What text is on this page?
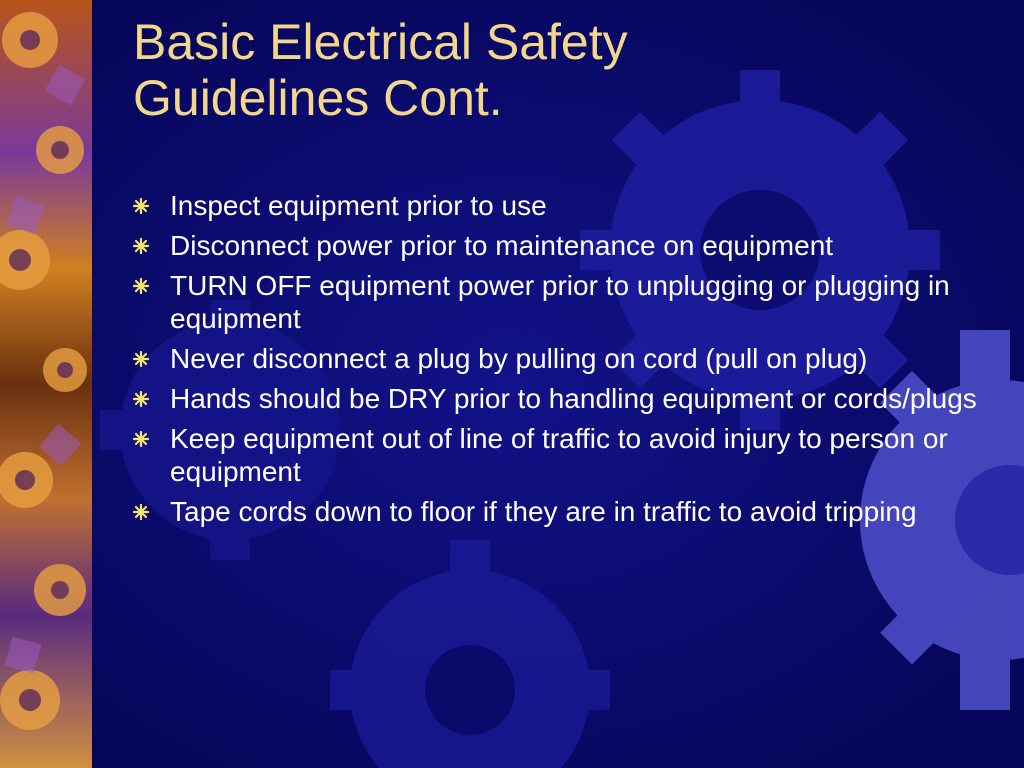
Basic Electrical Safety
Guidelines Cont.
Inspect equipment prior to use
Disconnect power prior to maintenance on equipment
TURN OFF equipment power prior to unplugging or plugging in equipment
Never disconnect a plug by pulling on cord (pull on plug)
Hands should be DRY prior to handling equipment or cords/plugs
Keep equipment out of line of traffic to avoid injury to person or equipment
Tape cords down to floor if they are in traffic to avoid tripping
